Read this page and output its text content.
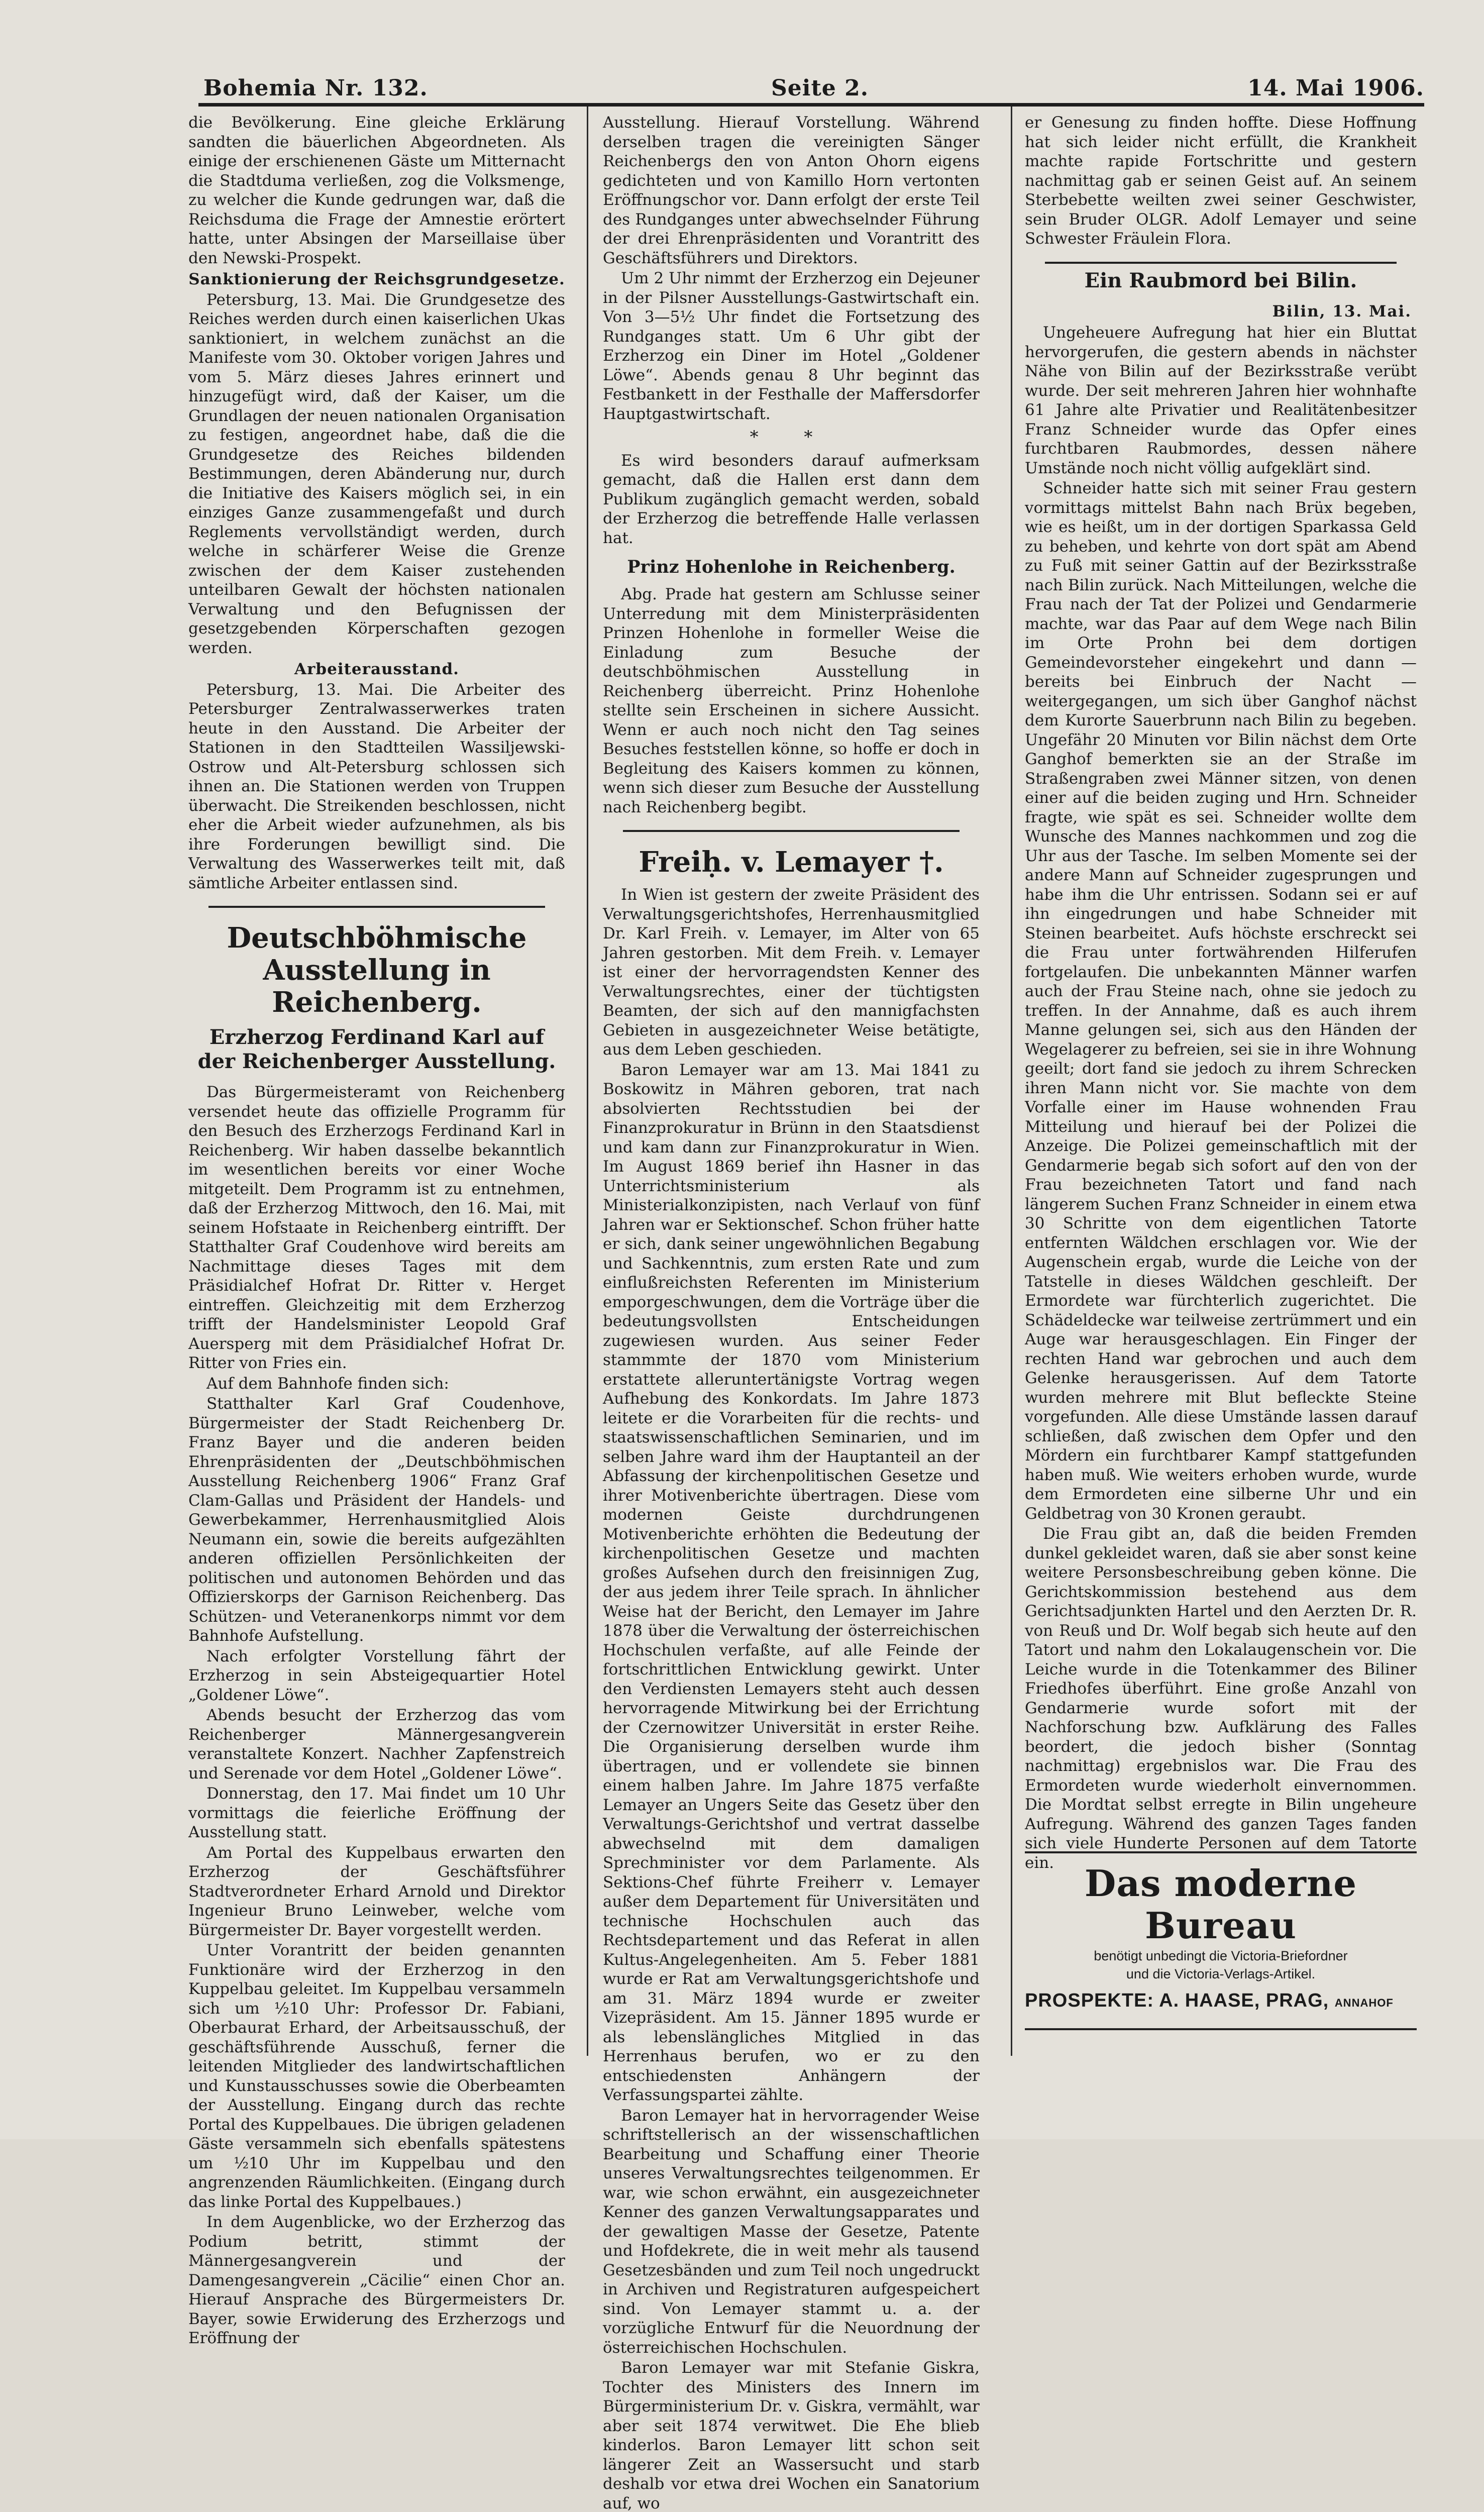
Bohemia Nr. 132.	Seite 2.	14. Mai 1906.

die Bevölkerung. Eine gleiche Erklärung sandten die bäuerlichen Abgeordneten. Als einige der erschienenen Gäste um Mitternacht die Stadtduma verließen, zog die Volksmenge, zu welcher die Kunde gedrungen war, daß die Reichsduma die Frage der Amnestie erörtert hatte, unter Absingen der Marseillaise über den Newski-Prospekt.

Sanktionierung der Reichsgrundgesetze.

Petersburg, 13. Mai. Die Grundgesetze des Reiches werden durch einen kaiserlichen Ukas sanktioniert, in welchem zunächst an die Manifeste vom 30. Oktober vorigen Jahres und vom 5. März dieses Jahres erinnert und hinzugefügt wird, daß der Kaiser, um die Grundlagen der neuen nationalen Organisation zu festigen, angeordnet habe, daß die die Grundgesetze des Reiches bildenden Bestimmungen, deren Abänderung nur, durch die Initiative des Kaisers möglich sei, in ein einziges Ganze zusammengefaßt und durch Reglements vervollständigt werden, durch welche in schärferer Weise die Grenze zwischen der dem Kaiser zustehenden unteilbaren Gewalt der höchsten nationalen Verwaltung und den Befugnissen der gesetzgebenden Körperschaften gezogen werden.

Arbeiterausstand.

Petersburg, 13. Mai. Die Arbeiter des Petersburger Zentralwasserwerkes traten heute in den Ausstand. Die Arbeiter der Stationen in den Stadtteilen Wassiljewski-Ostrow und Alt-Petersburg schlossen sich ihnen an. Die Stationen werden von Truppen überwacht. Die Streikenden beschlossen, nicht eher die Arbeit wieder aufzunehmen, als bis ihre Forderungen bewilligt sind. Die Verwaltung des Wasserwerkes teilt mit, daß sämtliche Arbeiter entlassen sind.

Deutschböhmische Ausstellung in Reichenberg.
Erzherzog Ferdinand Karl auf der Reichenberger Ausstellung.

Das Bürgermeisteramt von Reichenberg versendet heute das offizielle Programm für den Besuch des Erzherzogs Ferdinand Karl in Reichenberg. Wir haben dasselbe bekanntlich im wesentlichen bereits vor einer Woche mitgeteilt. Dem Programm ist zu entnehmen, daß der Erzherzog Mittwoch, den 16. Mai, mit seinem Hofstaate in Reichenberg eintrifft. Der Statthalter Graf Coudenhove wird bereits am Nachmittage dieses Tages mit dem Präsidialchef Hofrat Dr. Ritter v. Herget eintreffen. Gleichzeitig mit dem Erzherzog trifft der Handelsminister Leopold Graf Auersperg mit dem Präsidialchef Hofrat Dr. Ritter von Fries ein.

Auf dem Bahnhofe finden sich:

Statthalter Karl Graf Coudenhove, Bürgermeister der Stadt Reichenberg Dr. Franz Bayer und die anderen beiden Ehrenpräsidenten der „Deutschböhmischen Ausstellung Reichenberg 1906“ Franz Graf Clam-Gallas und Präsident der Handels- und Gewerbekammer, Herrenhausmitglied Alois Neumann ein, sowie die bereits aufgezählten anderen offiziellen Persönlichkeiten der politischen und autonomen Behörden und das Offizierskorps der Garnison Reichenberg. Das Schützen- und Veteranenkorps nimmt vor dem Bahnhofe Aufstellung.

Nach erfolgter Vorstellung fährt der Erzherzog in sein Absteigequartier Hotel „Goldener Löwe“.

Abends besucht der Erzherzog das vom Reichenberger Männergesangverein veranstaltete Konzert. Nachher Zapfenstreich und Serenade vor dem Hotel „Goldener Löwe“.

Donnerstag, den 17. Mai findet um 10 Uhr vormittags die feierliche Eröffnung der Ausstellung statt.

Am Portal des Kuppelbaus erwarten den Erzherzog der Geschäftsführer Stadtverordneter Erhard Arnold und Direktor Ingenieur Bruno Leinweber, welche vom Bürgermeister Dr. Bayer vorgestellt werden.

Unter Vorantritt der beiden genannten Funktionäre wird der Erzherzog in den Kuppelbau geleitet. Im Kuppelbau versammeln sich um ½10 Uhr: Professor Dr. Fabiani, Oberbaurat Erhard, der Arbeitsausschuß, der geschäftsführende Ausschuß, ferner die leitenden Mitglieder des landwirtschaftlichen und Kunstausschusses sowie die Oberbeamten der Ausstellung. Eingang durch das rechte Portal des Kuppelbaues. Die übrigen geladenen Gäste versammeln sich ebenfalls spätestens um ½10 Uhr im Kuppelbau und den angrenzenden Räumlichkeiten. (Eingang durch das linke Portal des Kuppelbaues.)

In dem Augenblicke, wo der Erzherzog das Podium betritt, stimmt der Männergesangverein und der Damengesangverein „Cäcilie“ einen Chor an. Hierauf Ansprache des Bürgermeisters Dr. Bayer, sowie Erwiderung des Erzherzogs und Eröffnung der

Ausstellung. Hierauf Vorstellung. Während derselben tragen die vereinigten Sänger Reichenbergs den von Anton Ohorn eigens gedichteten und von Kamillo Horn vertonten Eröffnungschor vor. Dann erfolgt der erste Teil des Rundganges unter abwechselnder Führung der drei Ehrenpräsidenten und Vorantritt des Geschäftsführers und Direktors.

Um 2 Uhr nimmt der Erzherzog ein Dejeuner in der Pilsner Ausstellungs-Gastwirtschaft ein. Von 3—5½ Uhr findet die Fortsetzung des Rundganges statt. Um 6 Uhr gibt der Erzherzog ein Diner im Hotel „Goldener Löwe“. Abends genau 8 Uhr beginnt das Festbankett in der Festhalle der Maffersdorfer Hauptgastwirtschaft.

* *

Es wird besonders darauf aufmerksam gemacht, daß die Hallen erst dann dem Publikum zugänglich gemacht werden, sobald der Erzherzog die betreffende Halle verlassen hat.

Prinz Hohenlohe in Reichenberg.

Abg. Prade hat gestern am Schlusse seiner Unterredung mit dem Ministerpräsidenten Prinzen Hohenlohe in formeller Weise die Einladung zum Besuche der deutschböhmischen Ausstellung in Reichenberg überreicht. Prinz Hohenlohe stellte sein Erscheinen in sichere Aussicht. Wenn er auch noch nicht den Tag seines Besuches feststellen könne, so hoffe er doch in Begleitung des Kaisers kommen zu können, wenn sich dieser zum Besuche der Ausstellung nach Reichenberg begibt.

Freiḥ. v. Lemayer †.

In Wien ist gestern der zweite Präsident des Verwaltungsgerichtshofes, Herrenhausmitglied Dr. Karl Freih. v. Lemayer, im Alter von 65 Jahren gestorben. Mit dem Freih. v. Lemayer ist einer der hervorragendsten Kenner des Verwaltungsrechtes, einer der tüchtigsten Beamten, der sich auf den mannigfachsten Gebieten in ausgezeichneter Weise betätigte, aus dem Leben geschieden.

Baron Lemayer war am 13. Mai 1841 zu Boskowitz in Mähren geboren, trat nach absolvierten Rechtsstudien bei der Finanzprokuratur in Brünn in den Staatsdienst und kam dann zur Finanzprokuratur in Wien. Im August 1869 berief ihn Hasner in das Unterrichtsministerium als Ministerialkonzipisten, nach Verlauf von fünf Jahren war er Sektionschef. Schon früher hatte er sich, dank seiner ungewöhnlichen Begabung und Sachkenntnis, zum ersten Rate und zum einflußreichsten Referenten im Ministerium emporgeschwungen, dem die Vorträge über die bedeutungsvollsten Entscheidungen zugewiesen wurden. Aus seiner Feder stammmte der 1870 vom Ministerium erstattete alleruntertänigste Vortrag wegen Aufhebung des Konkordats. Im Jahre 1873 leitete er die Vorarbeiten für die rechts- und staatswissenschaftlichen Seminarien, und im selben Jahre ward ihm der Hauptanteil an der Abfassung der kirchenpolitischen Gesetze und ihrer Motivenberichte übertragen. Diese vom modernen Geiste durchdrungenen Motivenberichte erhöhten die Bedeutung der kirchenpolitischen Gesetze und machten großes Aufsehen durch den freisinnigen Zug, der aus jedem ihrer Teile sprach. In ähnlicher Weise hat der Bericht, den Lemayer im Jahre 1878 über die Verwaltung der österreichischen Hochschulen verfaßte, auf alle Feinde der fortschrittlichen Entwicklung gewirkt. Unter den Verdiensten Lemayers steht auch dessen hervorragende Mitwirkung bei der Errichtung der Czernowitzer Universität in erster Reihe. Die Organisierung derselben wurde ihm übertragen, und er vollendete sie binnen einem halben Jahre. Im Jahre 1875 verfaßte Lemayer an Ungers Seite das Gesetz über den Verwaltungs-Gerichtshof und vertrat dasselbe abwechselnd mit dem damaligen Sprechminister vor dem Parlamente. Als Sektions-Chef führte Freiherr v. Lemayer außer dem Departement für Universitäten und technische Hochschulen auch das Rechtsdepartement und das Referat in allen Kultus-Angelegenheiten. Am 5. Feber 1881 wurde er Rat am Verwaltungsgerichtshofe und am 31. März 1894 wurde er zweiter Vizepräsident. Am 15. Jänner 1895 wurde er als lebenslängliches Mitglied in das Herrenhaus berufen, wo er zu den entschiedensten Anhängern der Verfassungspartei zählte.

Baron Lemayer hat in hervorragender Weise schriftstellerisch an der wissenschaftlichen Bearbeitung und Schaffung einer Theorie unseres Verwaltungsrechtes teilgenommen. Er war, wie schon erwähnt, ein ausgezeichneter Kenner des ganzen Verwaltungsapparates und der gewaltigen Masse der Gesetze, Patente und Hofdekrete, die in weit mehr als tausend Gesetzesbänden und zum Teil noch ungedruckt in Archiven und Registraturen aufgespeichert sind. Von Lemayer stammt u. a. der vorzügliche Entwurf für die Neuordnung der österreichischen Hochschulen.

Baron Lemayer war mit Stefanie Giskra, Tochter des Ministers des Innern im Bürgerministerium Dr. v. Giskra, vermählt, war aber seit 1874 verwitwet. Die Ehe blieb kinderlos. Baron Lemayer litt schon seit längerer Zeit an Wassersucht und starb deshalb vor etwa drei Wochen ein Sanatorium auf, wo

er Genesung zu finden hoffte. Diese Hoffnung hat sich leider nicht erfüllt, die Krankheit machte rapide Fortschritte und gestern nachmittag gab er seinen Geist auf. An seinem Sterbebette weilten zwei seiner Geschwister, sein Bruder OLGR. Adolf Lemayer und seine Schwester Fräulein Flora.

Ein Raubmord bei Bilin.
Bilin, 13. Mai.

Ungeheuere Aufregung hat hier ein Bluttat hervorgerufen, die gestern abends in nächster Nähe von Bilin auf der Bezirksstraße verübt wurde. Der seit mehreren Jahren hier wohnhafte 61 Jahre alte Privatier und Realitätenbesitzer Franz Schneider wurde das Opfer eines furchtbaren Raubmordes, dessen nähere Umstände noch nicht völlig aufgeklärt sind.

Schneider hatte sich mit seiner Frau gestern vormittags mittelst Bahn nach Brüx begeben, wie es heißt, um in der dortigen Sparkassa Geld zu beheben, und kehrte von dort spät am Abend zu Fuß mit seiner Gattin auf der Bezirksstraße nach Bilin zurück. Nach Mitteilungen, welche die Frau nach der Tat der Polizei und Gendarmerie machte, war das Paar auf dem Wege nach Bilin im Orte Prohn bei dem dortigen Gemeindevorsteher eingekehrt und dann — bereits bei Einbruch der Nacht — weitergegangen, um sich über Ganghof nächst dem Kurorte Sauerbrunn nach Bilin zu begeben. Ungefähr 20 Minuten vor Bilin nächst dem Orte Ganghof bemerkten sie an der Straße im Straßengraben zwei Männer sitzen, von denen einer auf die beiden zuging und Hrn. Schneider fragte, wie spät es sei. Schneider wollte dem Wunsche des Mannes nachkommen und zog die Uhr aus der Tasche. Im selben Momente sei der andere Mann auf Schneider zugesprungen und habe ihm die Uhr entrissen. Sodann sei er auf ihn eingedrungen und habe Schneider mit Steinen bearbeitet. Aufs höchste erschreckt sei die Frau unter fortwährenden Hilferufen fortgelaufen. Die unbekannten Männer warfen auch der Frau Steine nach, ohne sie jedoch zu treffen. In der Annahme, daß es auch ihrem Manne gelungen sei, sich aus den Händen der Wegelagerer zu befreien, sei sie in ihre Wohnung geeilt; dort fand sie jedoch zu ihrem Schrecken ihren Mann nicht vor. Sie machte von dem Vorfalle einer im Hause wohnenden Frau Mitteilung und hierauf bei der Polizei die Anzeige. Die Polizei gemeinschaftlich mit der Gendarmerie begab sich sofort auf den von der Frau bezeichneten Tatort und fand nach längerem Suchen Franz Schneider in einem etwa 30 Schritte von dem eigentlichen Tatorte entfernten Wäldchen erschlagen vor. Wie der Augenschein ergab, wurde die Leiche von der Tatstelle in dieses Wäldchen geschleift. Der Ermordete war fürchterlich zugerichtet. Die Schädeldecke war teilweise zertrümmert und ein Auge war herausgeschlagen. Ein Finger der rechten Hand war gebrochen und auch dem Gelenke herausgerissen. Auf dem Tatorte wurden mehrere mit Blut befleckte Steine vorgefunden. Alle diese Umstände lassen darauf schließen, daß zwischen dem Opfer und den Mördern ein furchtbarer Kampf stattgefunden haben muß. Wie weiters erhoben wurde, wurde dem Ermordeten eine silberne Uhr und ein Geldbetrag von 30 Kronen geraubt.

Die Frau gibt an, daß die beiden Fremden dunkel gekleidet waren, daß sie aber sonst keine weitere Personsbeschreibung geben könne. Die Gerichtskommission bestehend aus dem Gerichtsadjunkten Hartel und den Aerzten Dr. R. von Reuß und Dr. Wolf begab sich heute auf den Tatort und nahm den Lokalaugenschein vor. Die Leiche wurde in die Totenkammer des Biliner Friedhofes überführt. Eine große Anzahl von Gendarmerie wurde sofort mit der Nachforschung bzw. Aufklärung des Falles beordert, die jedoch bisher (Sonntag nachmittag) ergebnislos war. Die Frau des Ermordeten wurde wiederholt einvernommen. Die Mordtat selbst erregte in Bilin ungeheure Aufregung. Während des ganzen Tages fanden sich viele Hunderte Personen auf dem Tatorte ein. Das moderne Bureau
benötigt unbedingt die Victoria-Briefordner
und die Victoria-Verlags-Artikel.
PROSPEKTE: A. HAASE, PRAG, ANNAHOF
